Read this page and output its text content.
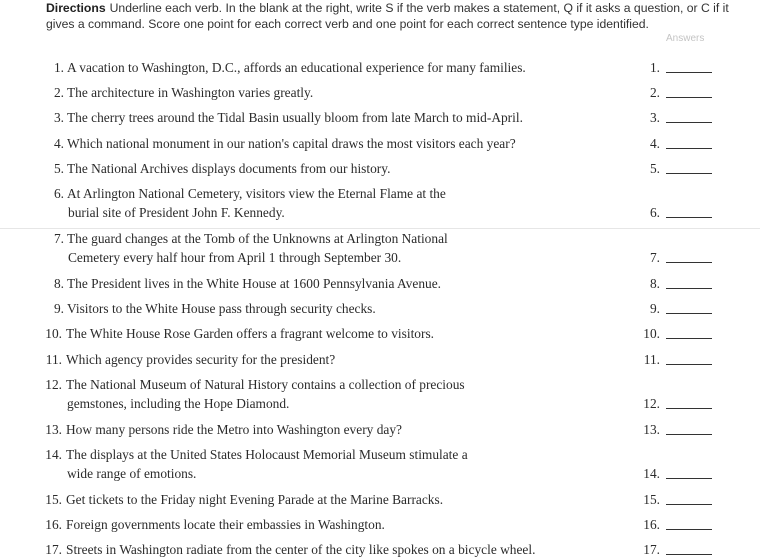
Directions Underline each verb. In the blank at the right, write S if the verb makes a statement, Q if it asks a question, or C if it
gives a command. Score one point for each correct verb and one point for each correct sentence type identified.
Answers
1. A vacation to Washington, D.C., affords an educational experience for many families.	1.
2. The architecture in Washington varies greatly.	2.
3. The cherry trees around the Tidal Basin usually bloom from late March to mid-April.	3.
4. Which national monument in our nation's capital draws the most visitors each year?	4.
5. The National Archives displays documents from our history.	5.
6. At Arlington National Cemetery, visitors view the Eternal Flame at the
burial site of President John F. Kennedy.	6.
7. The guard changes at the Tomb of the Unknowns at Arlington National
Cemetery every half hour from April 1 through September 30.	7.
8. The President lives in the White House at 1600 Pennsylvania Avenue.	8.
9. Visitors to the White House pass through security checks.	9.
10. The White House Rose Garden offers a fragrant welcome to visitors.	10.
11. Which agency provides security for the president?	11.
12. The National Museum of Natural History contains a collection of precious
gemstones, including the Hope Diamond.	12.
13. How many persons ride the Metro into Washington every day?	13.
14. The displays at the United States Holocaust Memorial Museum stimulate a
wide range of emotions.	14.
15. Get tickets to the Friday night Evening Parade at the Marine Barracks.	15.
16. Foreign governments locate their embassies in Washington.	16.
17. Streets in Washington radiate from the center of the city like spokes on a bicycle wheel.	17.
